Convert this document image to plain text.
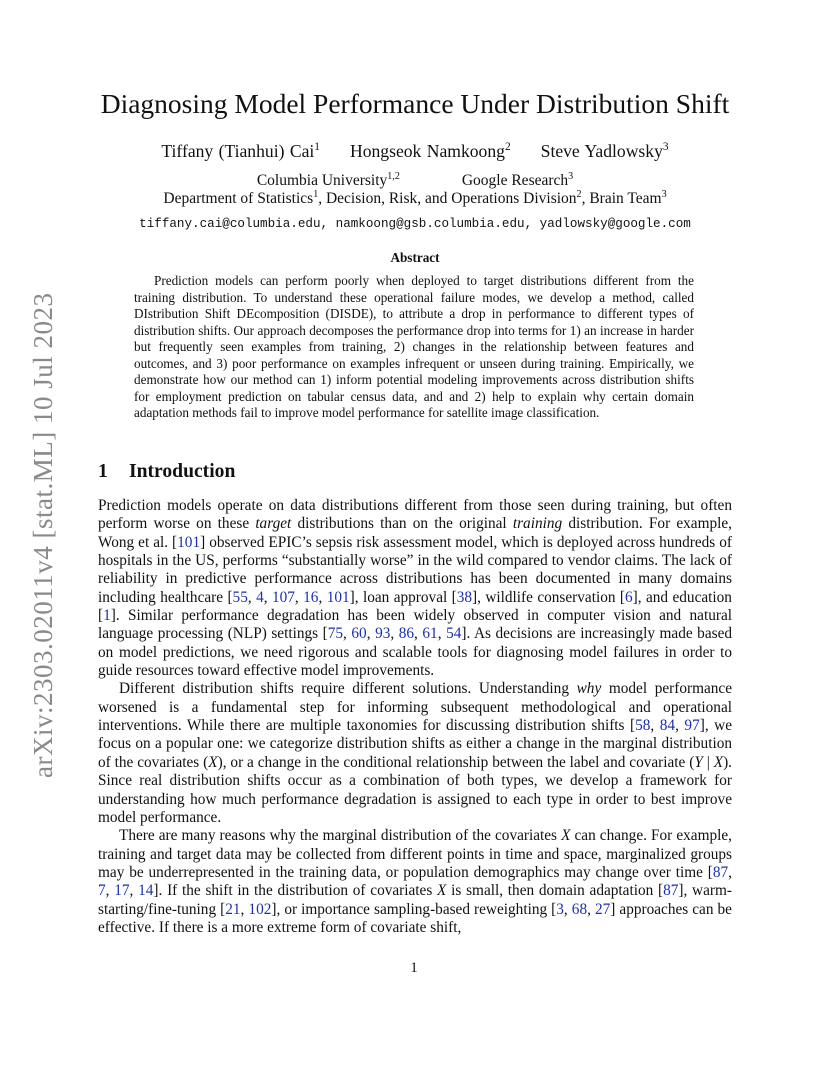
arXiv:2303.02011v4 [stat.ML] 10 Jul 2023
Diagnosing Model Performance Under Distribution Shift
Tiffany (Tianhui) Cai$^1$ Hongseok Namkoong$^2$ Steve Yadlowsky$^3$
Columbia University$^{1,2}$	Google Research$^3$
Department of Statistics$^1$, Decision, Risk, and Operations Division$^2$, Brain Team$^3$
tiffany.cai@columbia.edu, namkoong@gsb.columbia.edu, yadlowsky@google.com
Abstract
Prediction models can perform poorly when deployed to target distributions different from the training distribution. To understand these operational failure modes, we develop a method, called DIstribution Shift DEcomposition (DISDE), to attribute a drop in performance to different types of distribution shifts. Our approach decomposes the performance drop into terms for 1) an increase in harder but frequently seen examples from training, 2) changes in the relationship between features and outcomes, and 3) poor performance on examples infrequent or unseen during training. Empirically, we demonstrate how our method can 1) inform potential modeling improvements across distribution shifts for employment prediction on tabular census data, and and 2) help to explain why certain domain adaptation methods fail to improve model performance for satellite image classification.
1 Introduction

Prediction models operate on data distributions different from those seen during training, but often perform worse on these target distributions than on the original training distribution. For example, Wong et al. [101] observed EPIC’s sepsis risk assessment model, which is deployed across hundreds of hospitals in the US, performs “substantially worse” in the wild compared to vendor claims. The lack of reliability in predictive performance across distributions has been documented in many domains including healthcare [55, 4, 107, 16, 101], loan approval [38], wildlife conservation [6], and education [1]. Similar performance degradation has been widely observed in computer vision and natural language processing (NLP) settings [75, 60, 93, 86, 61, 54]. As decisions are increasingly made based on model predictions, we need rigorous and scalable tools for diagnosing model failures in order to guide resources toward effective model improvements.

Different distribution shifts require different solutions. Understanding why model performance worsened is a fundamental step for informing subsequent methodological and operational interventions. While there are multiple taxonomies for discussing distribution shifts [58, 84, 97], we focus on a popular one: we categorize distribution shifts as either a change in the marginal distribution of the covariates (X), or a change in the conditional relationship between the label and covariate (Y | X). Since real distribution shifts occur as a combination of both types, we develop a framework for understanding how much performance degradation is assigned to each type in order to best improve model performance.

There are many reasons why the marginal distribution of the covariates X can change. For example, training and target data may be collected from different points in time and space, marginalized groups may be underrepresented in the training data, or population demographics may change over time [87, 7, 17, 14]. If the shift in the distribution of covariates X is small, then domain adaptation [87], warm-starting/fine-tuning [21, 102], or importance sampling-based reweighting [3, 68, 27] approaches can be effective. If there is a more extreme form of covariate shift,

1
